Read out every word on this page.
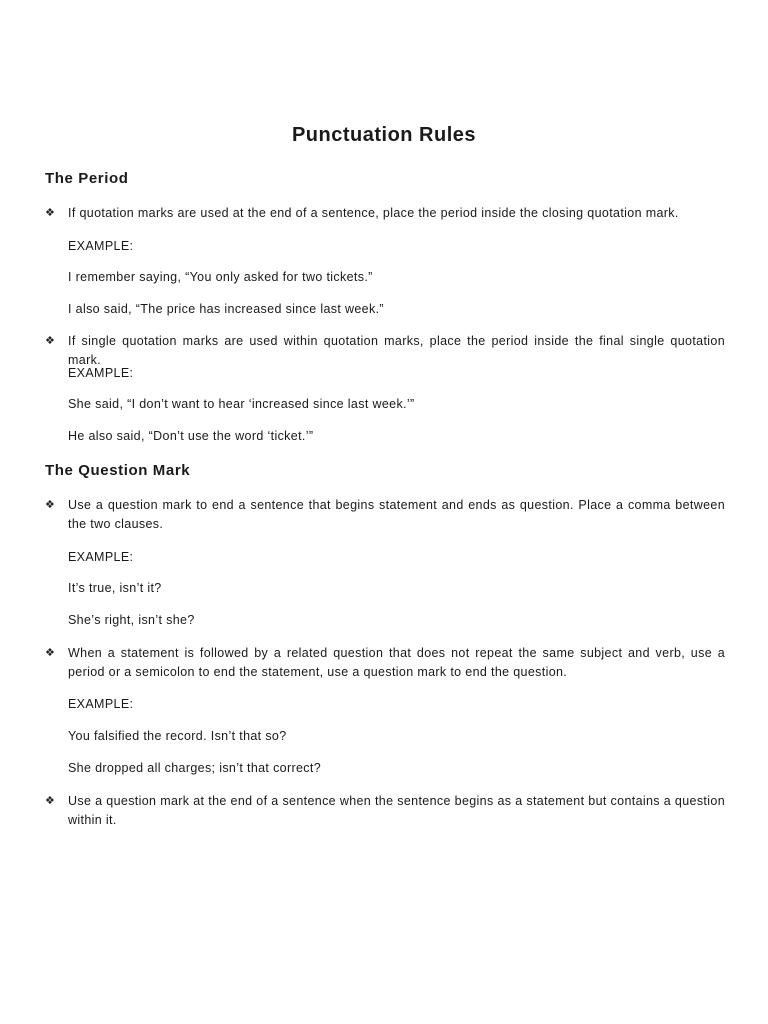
Punctuation Rules
The Period
❖	If quotation marks are used at the end of a sentence, place the period inside the closing quotation mark.
EXAMPLE:
I remember saying, “You only asked for two tickets.”
I also said, “The price has increased since last week.”
❖	If single quotation marks are used within quotation marks, place the period inside the final single quotation mark.
EXAMPLE:
She said, “I don’t want to hear ‘increased since last week.’”
He also said, “Don’t use the word ‘ticket.’”
The Question Mark
❖	Use a question mark to end a sentence that begins statement and ends as question. Place a comma between the two clauses.
EXAMPLE:
It’s true, isn’t it?
She’s right, isn’t she?
❖	When a statement is followed by a related question that does not repeat the same subject and verb, use a period or a semicolon to end the statement, use a question mark to end the question.
EXAMPLE:
You falsified the record. Isn’t that so?
She dropped all charges; isn’t that correct?
❖	Use a question mark at the end of a sentence when the sentence begins as a statement but contains a question within it.
